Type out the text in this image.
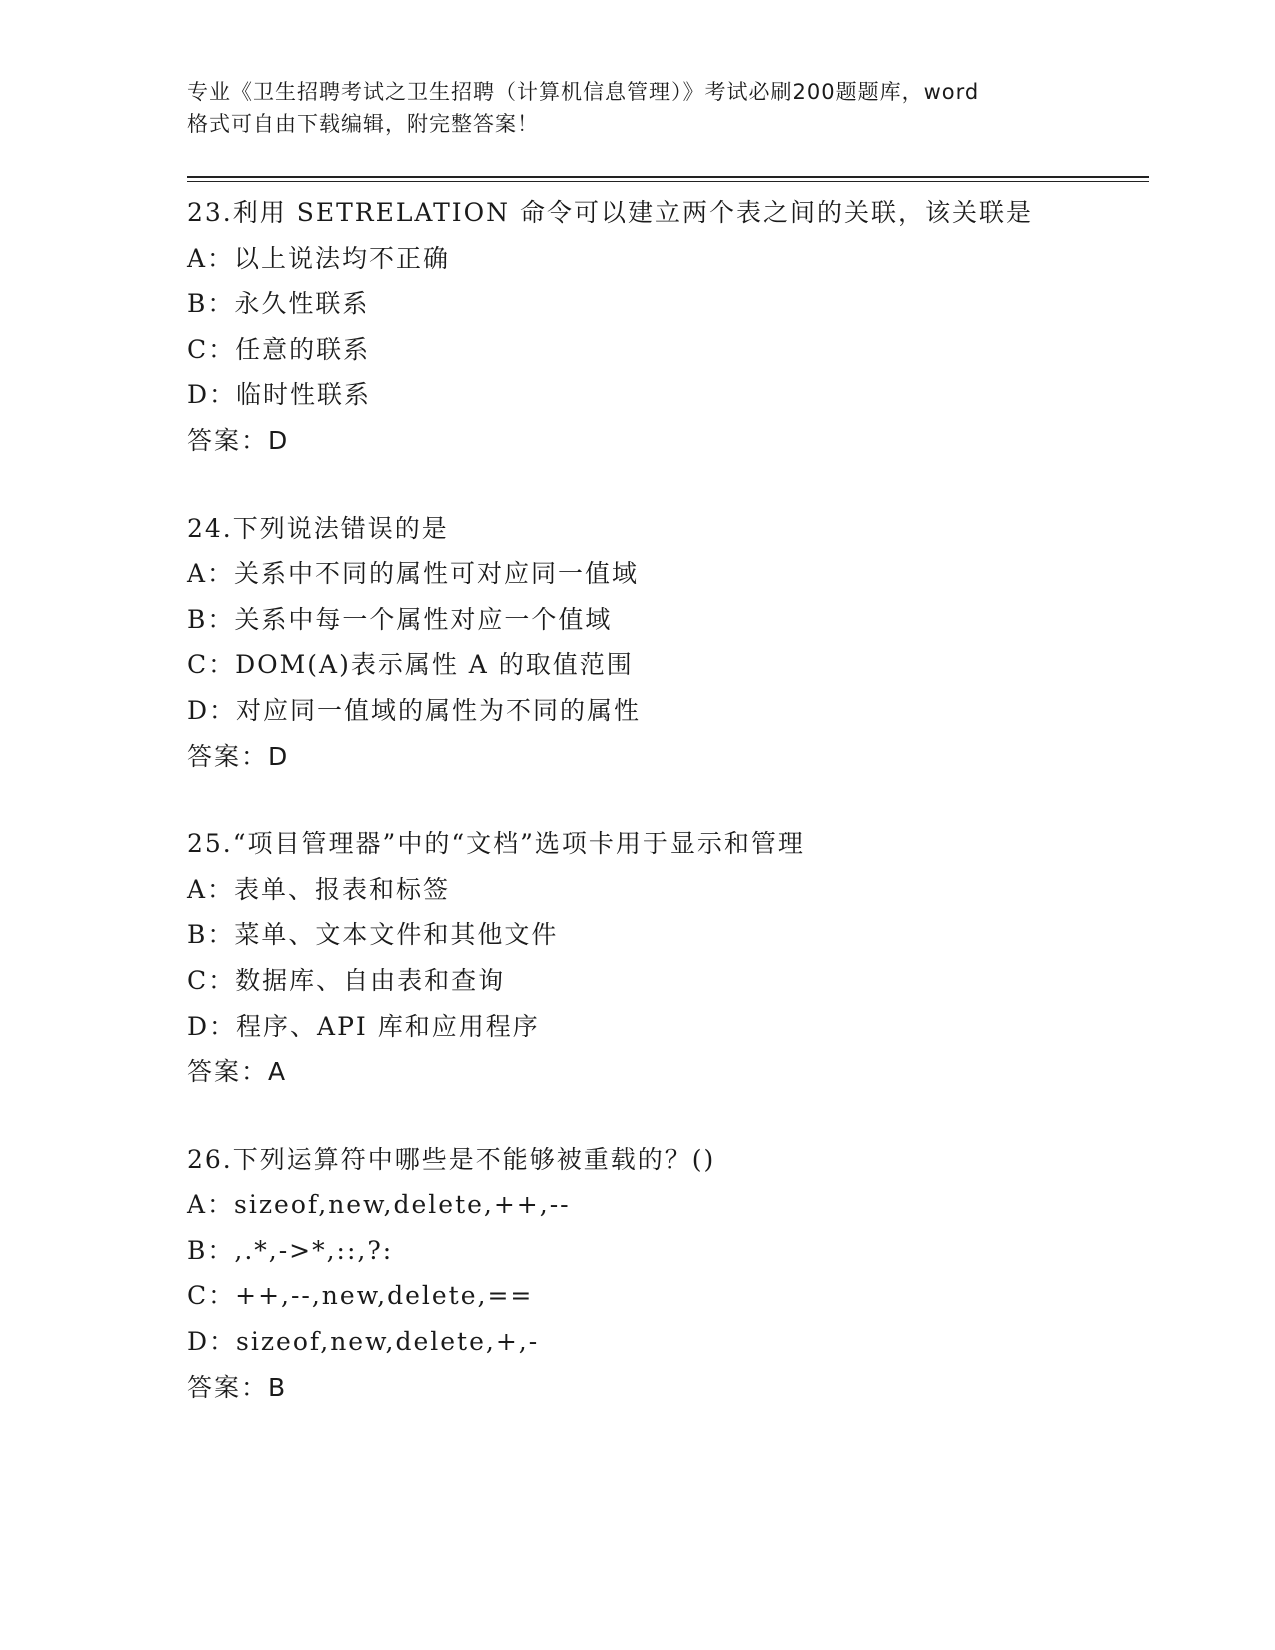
专业《卫生招聘考试之卫生招聘（计算机信息管理）》考试必刷200题题库，word
格式可自由下载编辑，附完整答案！
23.利用 SETRELATION 命令可以建立两个表之间的关联，该关联是
A：以上说法均不正确
B：永久性联系
C：任意的联系
D：临时性联系
答案：D
24.下列说法错误的是
A：关系中不同的属性可对应同一值域
B：关系中每一个属性对应一个值域
C：DOM(A)表示属性 A 的取值范围
D：对应同一值域的属性为不同的属性
答案：D
25.“项目管理器”中的“文档”选项卡用于显示和管理
A：表单、报表和标签
B：菜单、文本文件和其他文件
C：数据库、自由表和查询
D：程序、API 库和应用程序
答案：A
26.下列运算符中哪些是不能够被重载的？()
A：sizeof,new,delete,++,--
B：,.*,->*,::,?:
C：++,--,new,delete,==
D：sizeof,new,delete,+,-
答案：B
